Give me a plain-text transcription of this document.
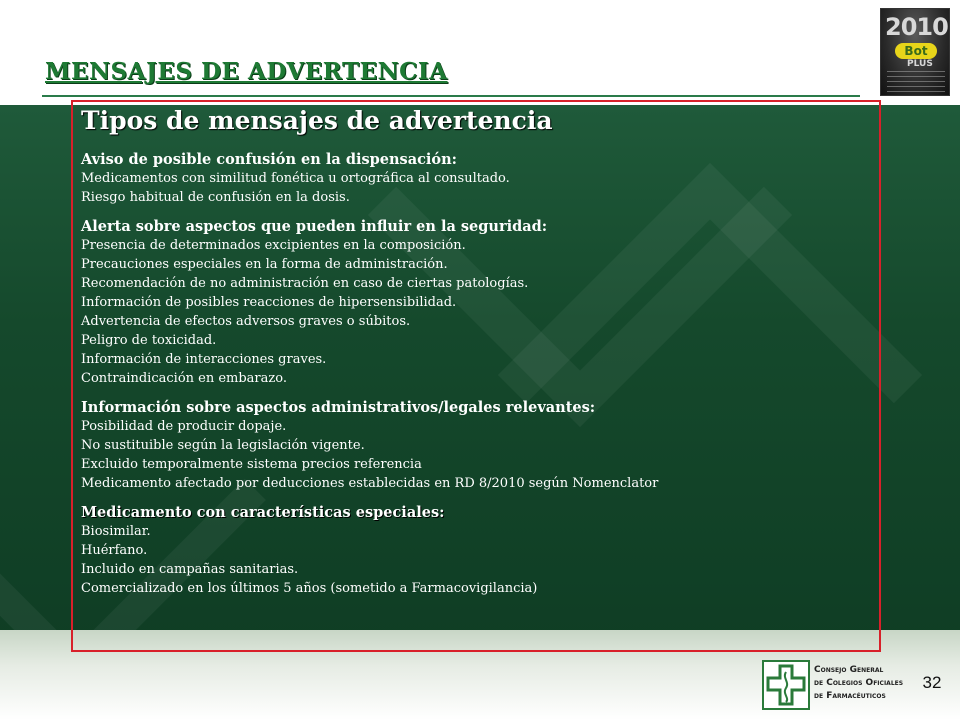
MENSAJES DE ADVERTENCIA
2010
Bot
PLUS
Tipos de mensajes de advertencia
Aviso de posible confusión en la dispensación:
Medicamentos con similitud fonética u ortográfica al consultado.
Riesgo habitual de confusión en la dosis.
Alerta sobre aspectos que pueden influir en la seguridad:
Presencia de determinados excipientes en la composición.
Precauciones especiales en la forma de administración.
Recomendación de no administración en caso de ciertas patologías.
Información de posibles reacciones de hipersensibilidad.
Advertencia de efectos adversos graves o súbitos.
Peligro de toxicidad.
Información de interacciones graves.
Contraindicación en embarazo.
Información sobre aspectos administrativos/legales relevantes:
Posibilidad de producir dopaje.
No sustituible según la legislación vigente.
Excluido temporalmente sistema precios referencia
Medicamento afectado por deducciones establecidas en RD 8/2010 según Nomenclator
Medicamento con características especiales:
Biosimilar.
Huérfano.
Incluido en campañas sanitarias.
Comercializado en los últimos 5 años (sometido a Farmacovigilancia)
Consejo General
de Colegios Oficiales
de Farmacéuticos
32
